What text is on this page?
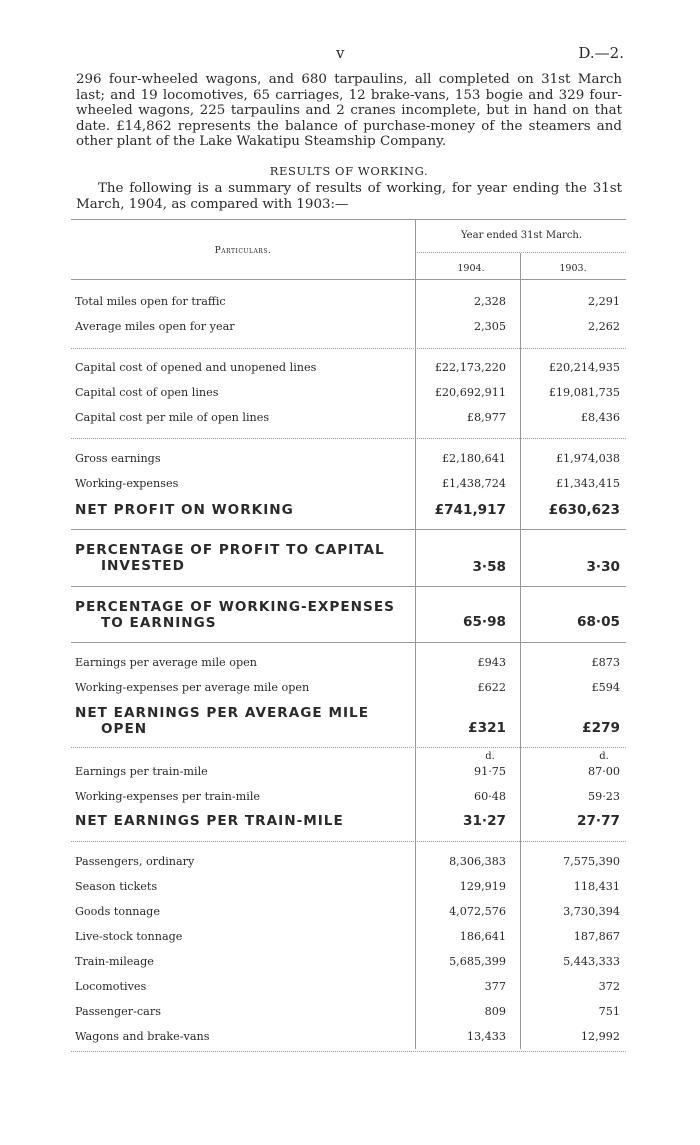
v	D.—2.

296 four-wheeled wagons, and 680 tarpaulins, all completed on 31st March last; and 19 locomotives, 65 carriages, 12 brake-vans, 153 bogie and 329 four-wheeled wagons, 225 tarpaulins and 2 cranes incomplete, but in hand on that date. £14,862 represents the balance of purchase-money of the steamers and other plant of the Lake Wakatipu Steamship Company.

RESULTS OF WORKING.

The following is a summary of results of working, for year ending the 31st March, 1904, as compared with 1903:—

Particulars.
Year ended 31st March.
1904.	1903.
Total miles open for traffic	2,328	2,291
Average miles open for year	2,305	2,262
Capital cost of opened and unopened lines	£22,173,220	£20,214,935
Capital cost of open lines	£20,692,911	£19,081,735
Capital cost per mile of open lines	£8,977	£8,436
Gross earnings	£2,180,641	£1,974,038
Working-expenses	£1,438,724	£1,343,415
NET PROFIT ON WORKING	£741,917	£630,623
PERCENTAGE OF PROFIT TO CAPITAL
INVESTED	3·58	3·30
PERCENTAGE OF WORKING-EXPENSES
TO EARNINGS	65·98	68·05
Earnings per average mile open	£943	£873
Working-expenses per average mile open	£622	£594
NET EARNINGS PER AVERAGE MILE
OPEN	£321	£279
d.	d.
Earnings per train-mile	91·75	87·00
Working-expenses per train-mile	60·48	59·23
NET EARNINGS PER TRAIN-MILE	31·27	27·77
Passengers, ordinary	8,306,383	7,575,390
Season tickets	129,919	118,431
Goods tonnage	4,072,576	3,730,394
Live-stock tonnage	186,641	187,867
Train-mileage	5,685,399	5,443,333
Locomotives	377	372
Passenger-cars	809	751
Wagons and brake-vans	13,433	12,992
